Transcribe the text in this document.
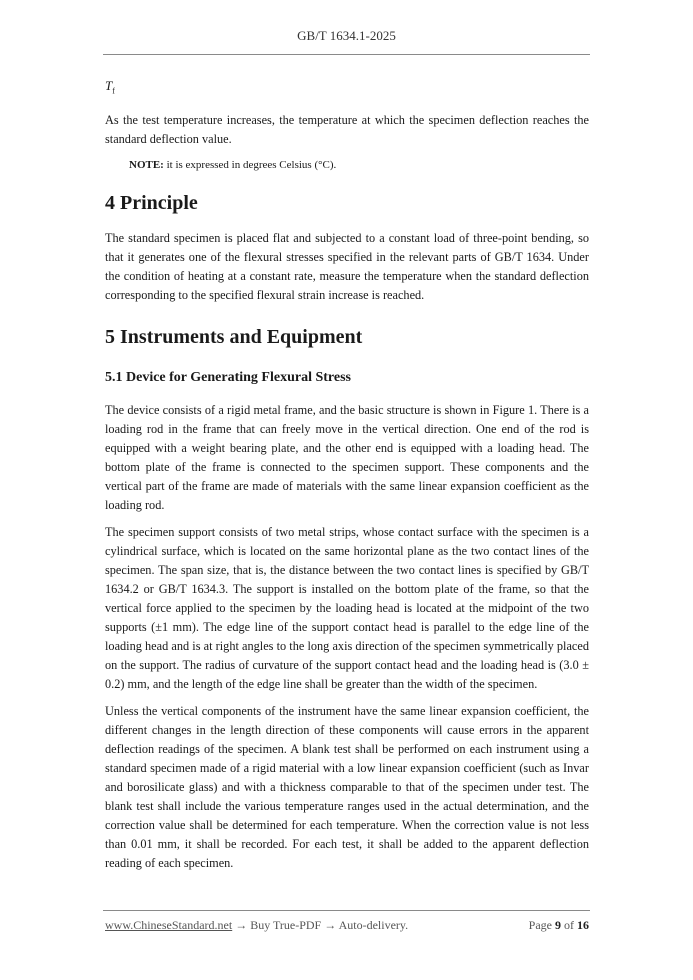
GB/T 1634.1-2025
$T_f$

As the test temperature increases, the temperature at which the specimen deflection reaches the standard deflection value.

NOTE: it is expressed in degrees Celsius (°C).

4 Principle

The standard specimen is placed flat and subjected to a constant load of three-point bending, so that it generates one of the flexural stresses specified in the relevant parts of GB/T 1634. Under the condition of heating at a constant rate, measure the temperature when the standard deflection corresponding to the specified flexural strain increase is reached.

5 Instruments and Equipment
5.1 Device for Generating Flexural Stress

The device consists of a rigid metal frame, and the basic structure is shown in Figure 1. There is a loading rod in the frame that can freely move in the vertical direction. One end of the rod is equipped with a weight bearing plate, and the other end is equipped with a loading head. The bottom plate of the frame is connected to the specimen support. These components and the vertical part of the frame are made of materials with the same linear expansion coefficient as the loading rod.

The specimen support consists of two metal strips, whose contact surface with the specimen is a cylindrical surface, which is located on the same horizontal plane as the two contact lines of the specimen. The span size, that is, the distance between the two contact lines is specified by GB/T 1634.2 or GB/T 1634.3. The support is installed on the bottom plate of the frame, so that the vertical force applied to the specimen by the loading head is located at the midpoint of the two supports (±1 mm). The edge line of the support contact head is parallel to the edge line of the loading head and is at right angles to the long axis direction of the specimen symmetrically placed on the support. The radius of curvature of the support contact head and the loading head is (3.0 ± 0.2) mm, and the length of the edge line shall be greater than the width of the specimen.

Unless the vertical components of the instrument have the same linear expansion coefficient, the different changes in the length direction of these components will cause errors in the apparent deflection readings of the specimen. A blank test shall be performed on each instrument using a standard specimen made of a rigid material with a low linear expansion coefficient (such as Invar and borosilicate glass) and with a thickness comparable to that of the specimen under test. The blank test shall include the various temperature ranges used in the actual determination, and the correction value shall be determined for each temperature. When the correction value is not less than 0.01 mm, it shall be recorded. For each test, it shall be added to the apparent deflection reading of each specimen.

www.ChineseStandard.net → Buy True-PDF → Auto-delivery.	Page 9 of 16
